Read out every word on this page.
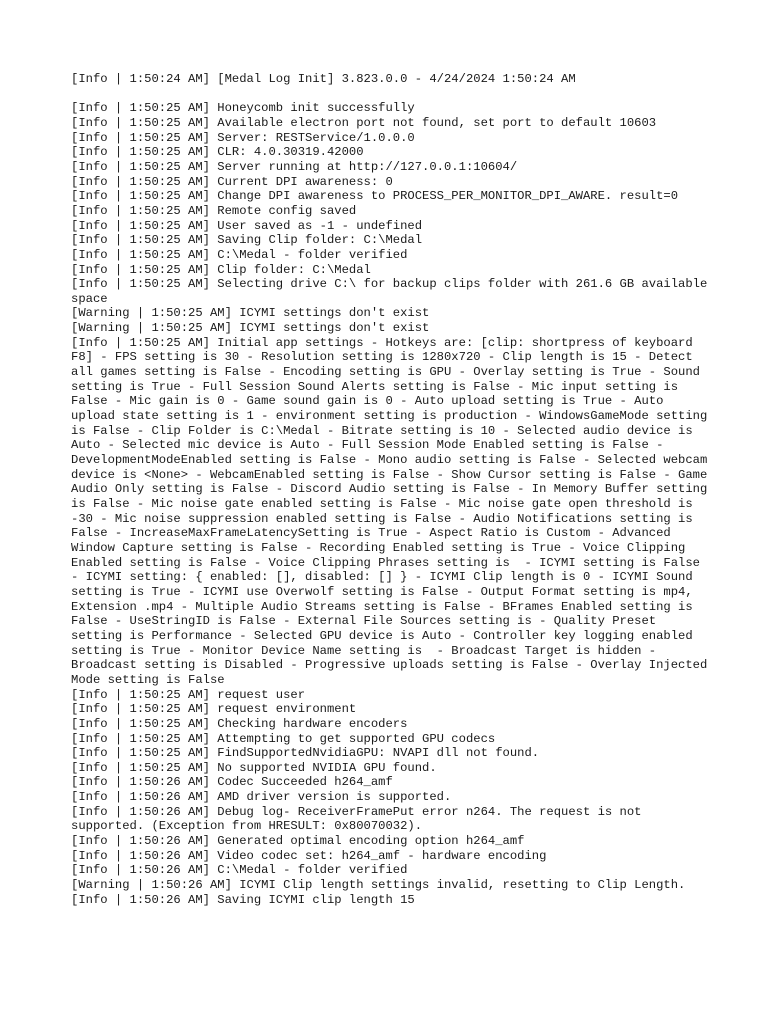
[Info | 1:50:24 AM] [Medal Log Init] 3.823.0.0 - 4/24/2024 1:50:24 AM
[Info | 1:50:25 AM] Honeycomb init successfully
[Info | 1:50:25 AM] Available electron port not found, set port to default 10603
[Info | 1:50:25 AM] Server: RESTService/1.0.0.0
[Info | 1:50:25 AM] CLR: 4.0.30319.42000
[Info | 1:50:25 AM] Server running at http://127.0.0.1:10604/
[Info | 1:50:25 AM] Current DPI awareness: 0
[Info | 1:50:25 AM] Change DPI awareness to PROCESS_PER_MONITOR_DPI_AWARE. result=0
[Info | 1:50:25 AM] Remote config saved
[Info | 1:50:25 AM] User saved as -1 - undefined
[Info | 1:50:25 AM] Saving Clip folder: C:\Medal
[Info | 1:50:25 AM] C:\Medal - folder verified
[Info | 1:50:25 AM] Clip folder: C:\Medal
[Info | 1:50:25 AM] Selecting drive C:\ for backup clips folder with 261.6 GB available space
[Warning | 1:50:25 AM] ICYMI settings don't exist
[Warning | 1:50:25 AM] ICYMI settings don't exist
[Info | 1:50:25 AM] Initial app settings - Hotkeys are: [clip: shortpress of keyboard F8] - FPS setting is 30 - Resolution setting is 1280x720 - Clip length is 15 - Detect all games setting is False - Encoding setting is GPU - Overlay setting is True - Sound setting is True - Full Session Sound Alerts setting is False - Mic input setting is False - Mic gain is 0 - Game sound gain is 0 - Auto upload setting is True - Auto upload state setting is 1 - environment setting is production - WindowsGameMode setting is False - Clip Folder is C:\Medal - Bitrate setting is 10 - Selected audio device is Auto - Selected mic device is Auto - Full Session Mode Enabled setting is False - DevelopmentModeEnabled setting is False - Mono audio setting is False - Selected webcam device is <None> - WebcamEnabled setting is False - Show Cursor setting is False - Game Audio Only setting is False - Discord Audio setting is False - In Memory Buffer setting is False - Mic noise gate enabled setting is False - Mic noise gate open threshold is -30 - Mic noise suppression enabled setting is False - Audio Notifications setting is False - IncreaseMaxFrameLatencySetting is True - Aspect Ratio is Custom - Advanced Window Capture setting is False - Recording Enabled setting is True - Voice Clipping Enabled setting is False - Voice Clipping Phrases setting is  - ICYMI setting is False - ICYMI setting: { enabled: [], disabled: [] } - ICYMI Clip length is 0 - ICYMI Sound setting is True - ICYMI use Overwolf setting is False - Output Format setting is mp4, Extension .mp4 - Multiple Audio Streams setting is False - BFrames Enabled setting is False - UseStringID is False - External File Sources setting is - Quality Preset setting is Performance - Selected GPU device is Auto - Controller key logging enabled setting is True - Monitor Device Name setting is  - Broadcast Target is hidden - Broadcast setting is Disabled - Progressive uploads setting is False - Overlay Injected Mode setting is False
[Info | 1:50:25 AM] request user
[Info | 1:50:25 AM] request environment
[Info | 1:50:25 AM] Checking hardware encoders
[Info | 1:50:25 AM] Attempting to get supported GPU codecs
[Info | 1:50:25 AM] FindSupportedNvidiaGPU: NVAPI dll not found.
[Info | 1:50:25 AM] No supported NVIDIA GPU found.
[Info | 1:50:26 AM] Codec Succeeded h264_amf
[Info | 1:50:26 AM] AMD driver version is supported.
[Info | 1:50:26 AM] Debug log- ReceiverFramePut error n264. The request is not supported. (Exception from HRESULT: 0x80070032).
[Info | 1:50:26 AM] Generated optimal encoding option h264_amf
[Info | 1:50:26 AM] Video codec set: h264_amf - hardware encoding
[Info | 1:50:26 AM] C:\Medal - folder verified
[Warning | 1:50:26 AM] ICYMI Clip length settings invalid, resetting to Clip Length.
[Info | 1:50:26 AM] Saving ICYMI clip length 15
